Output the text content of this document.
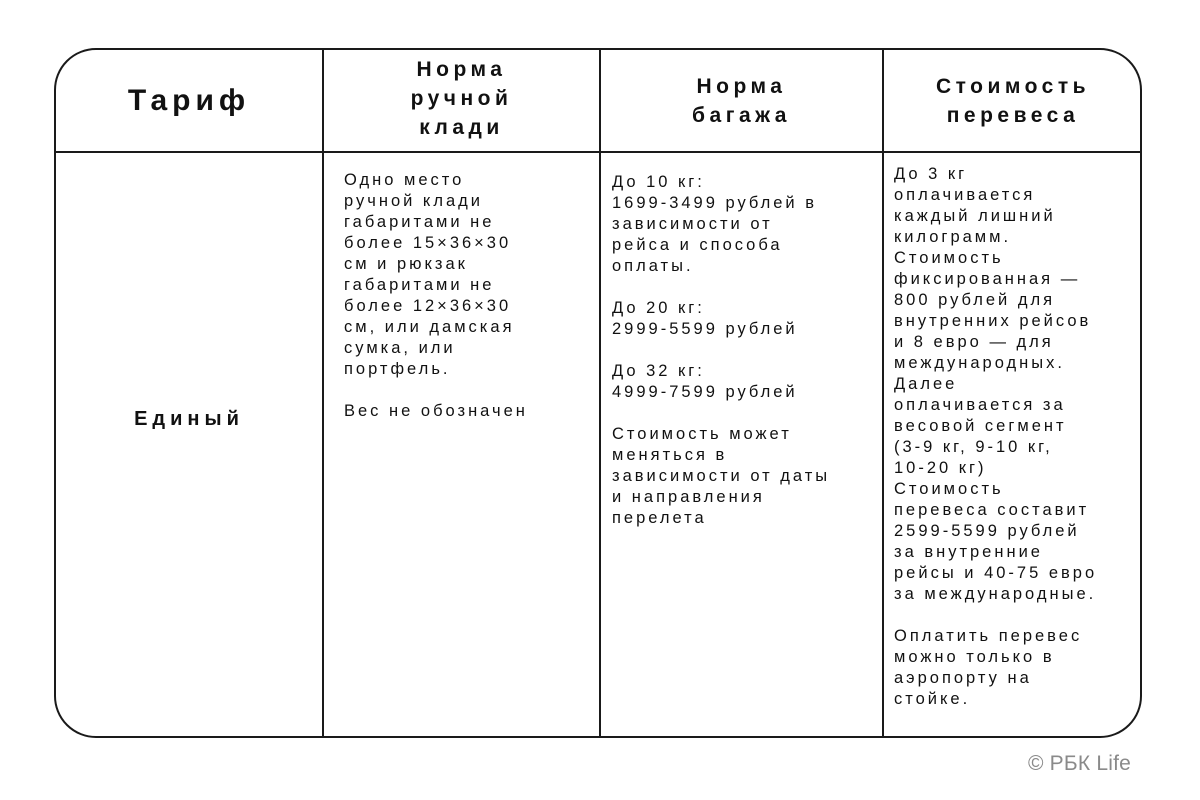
Тариф
Норма
ручной
клади
Норма
багажа
Стоимость
перевеса
Единый
Одно место
ручной клади
габаритами не
более 15×36×30
см и рюкзак
габаритами не
более 12×36×30
см, или дамская
сумка, или
портфель.

Вес не обозначен
До 10 кг:
1699-3499 рублей в
зависимости от
рейса и способа
оплаты.

До 20 кг:
2999-5599 рублей

До 32 кг:
4999-7599 рублей

Стоимость может
меняться в
зависимости от даты
и направления
перелета
До 3 кг
оплачивается
каждый лишний
килограмм.
Стоимость
фиксированная —
800 рублей для
внутренних рейсов
и 8 евро — для
международных.
Далее
оплачивается за
весовой сегмент
(3-9 кг, 9-10 кг,
10-20 кг)
Стоимость
перевеса составит
2599-5599 рублей
за внутренние
рейсы и 40-75 евро
за международные.

Оплатить перевес
можно только в
аэропорту на
стойке.
© РБК Life
